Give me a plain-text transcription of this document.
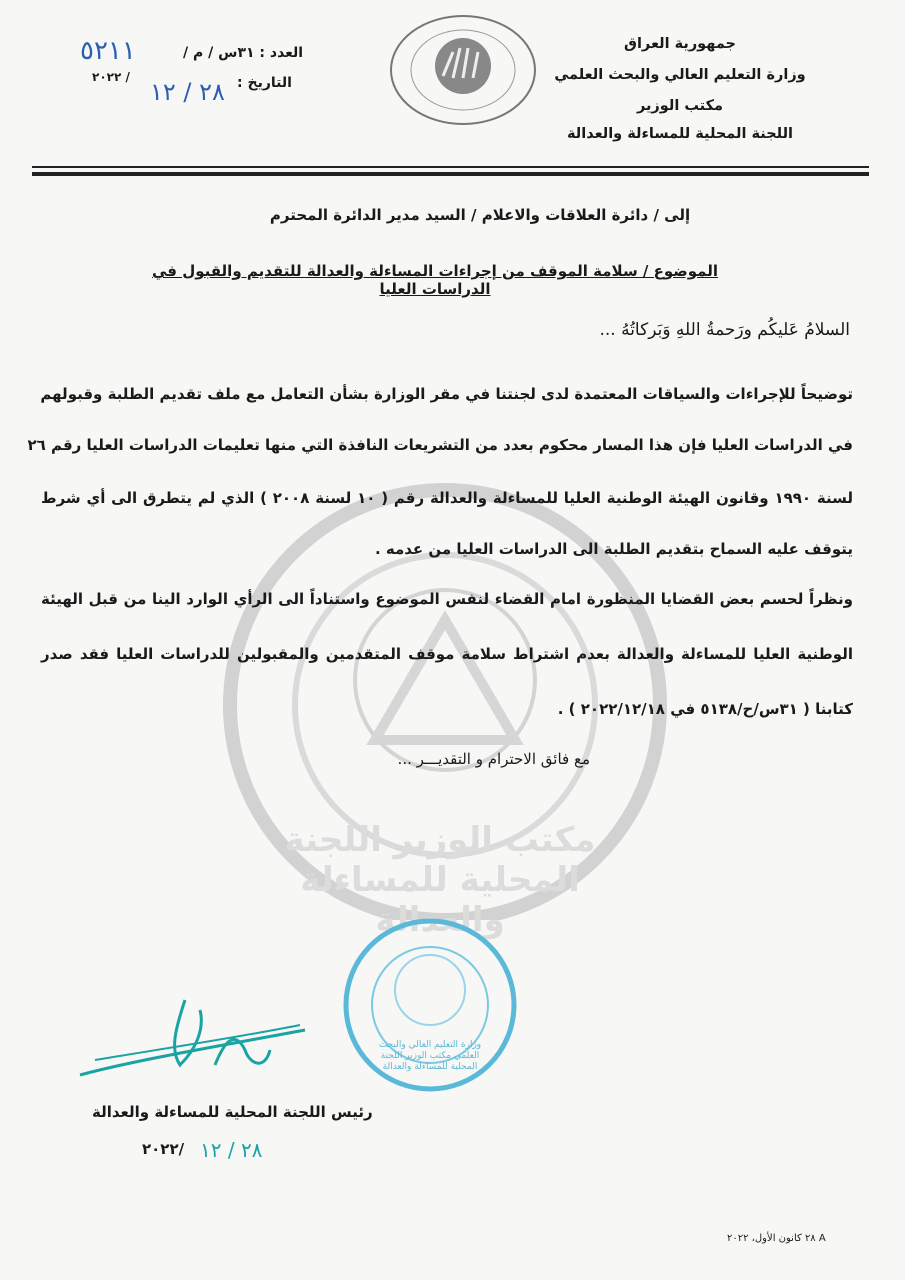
مكتب الوزير اللجنة المحلية للمساءلة والعدالة
جمهورية العراق
وزارة التعليم العالي والبحث العلمي
مكتب الوزير
اللجنة المحلية للمساءلة والعدالة
العدد : ٣١س / م /
٥٢١١
التاريخ :
٢٨ / ١٢
/ ٢٠٢٢
إلى / دائرة العلاقات والاعلام / السيد مدير الدائرة المحترم
الموضوع / سلامة الموقف من إجراءات المساءلة والعدالة للتقديم والقبول في الدراسات العليا
السلامُ عَليكُم ورَحمةُ اللهِ وَبَركاتُهُ ...
توضيحاً للإجراءات والسياقات المعتمدة لدى لجنتنا في مقر الوزارة بشأن التعامل مع ملف تقديم الطلبة وقبولهم
في الدراسات العليا فإن هذا المسار محكوم بعدد من التشريعات النافذة التي منها تعليمات الدراسات العليا رقم ٢٦
لسنة ١٩٩٠ وقانون الهيئة الوطنية العليا للمساءلة والعدالة رقم ( ١٠ لسنة ٢٠٠٨ ) الذي لم يتطرق الى أي شرط
يتوقف عليه السماح بتقديم الطلبة الى الدراسات العليا من عدمه .
ونظراً لحسم بعض القضايا المنظورة امام القضاء لنفس الموضوع واستناداً الى الرأي الوارد الينا من قبل الهيئة
الوطنية العليا للمساءلة والعدالة بعدم اشتراط سلامة موقف المتقدمين والمقبولين للدراسات العليا فقد صدر
كتابنا ( ٣١س/ح/٥١٣٨ في ٢٠٢٢/١٢/١٨ ) .
مع فائق الاحترام و التقديـــر ...
وزارة التعليم العالي والبحث العلمي مكتب الوزير اللجنة المحلية للمساءلة والعدالة
رئيس اللجنة المحلية للمساءلة والعدالة
٢٠٢٢/ ٢٨ / ١٢
A ٢٨ كانون الأول، ٢٠٢٢
